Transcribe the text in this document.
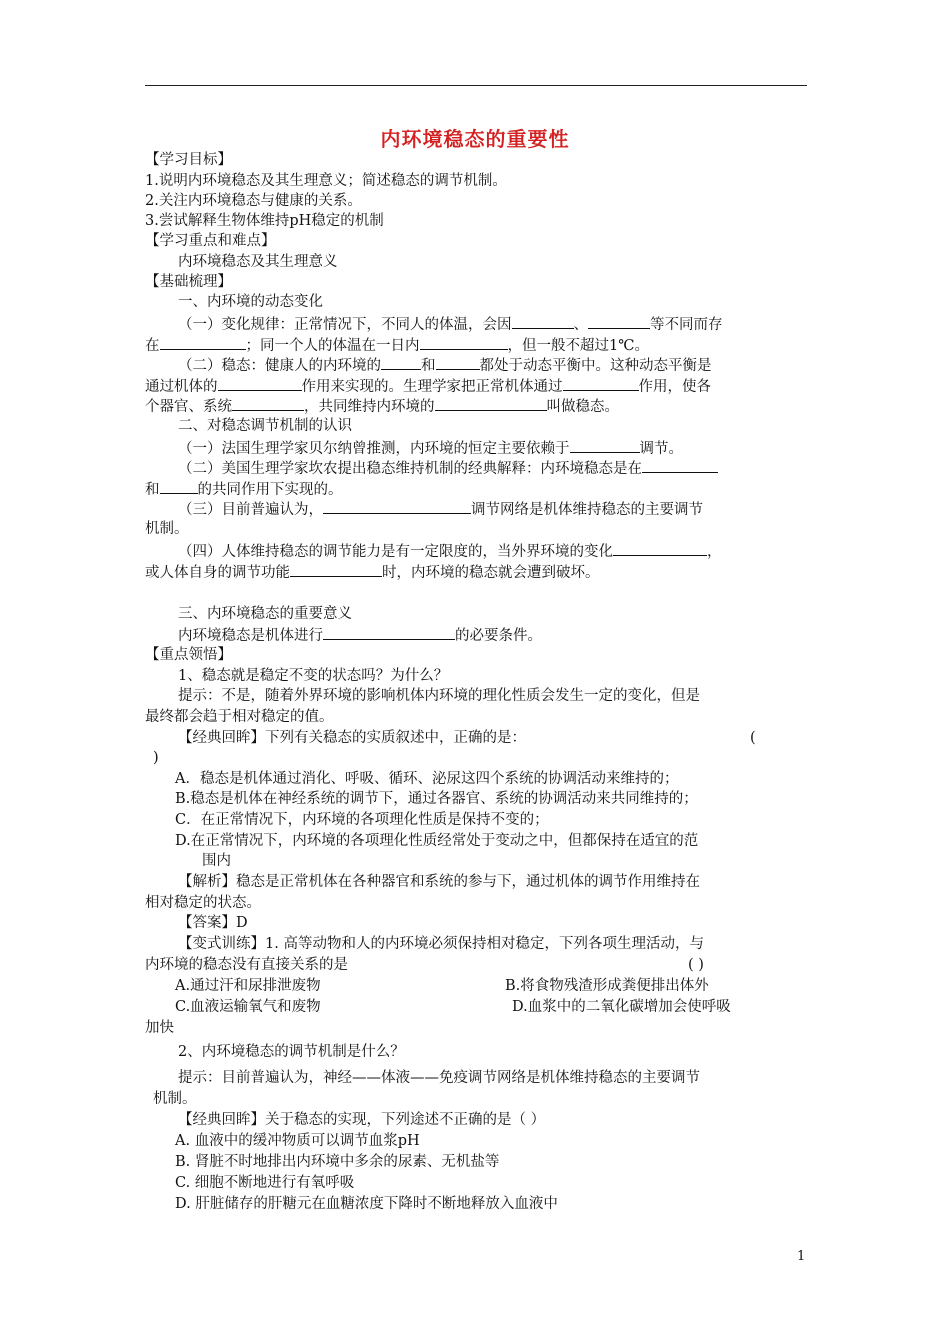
内环境稳态的重要性
【学习目标】
1.说明内环境稳态及其生理意义；简述稳态的调节机制。
2.关注内环境稳态与健康的关系。
3.尝试解释生物体维持pH稳定的机制
【学习重点和难点】
内环境稳态及其生理意义
【基础梳理】
一、内环境的动态变化
（一）变化规律：正常情况下，不同人的体温，会因	、	等不同而存
在	；同一个人的体温在一日内	，但一般不超过1℃。
（二）稳态：健康人的内环境的	和	都处于动态平衡中。这种动态平衡是
通过机体的	作用来实现的。生理学家把正常机体通过	作用，使各
个器官、系统	，共同维持内环境的	叫做稳态。
二、对稳态调节机制的认识
（一）法国生理学家贝尔纳曾推测，内环境的恒定主要依赖于	调节。
（二）美国生理学家坎农提出稳态维持机制的经典解释：内环境稳态是在
和	的共同作用下实现的。
（三）目前普遍认为，	调节网络是机体维持稳态的主要调节
机制。
（四）人体维持稳态的调节能力是有一定限度的，当外界环境的变化	，
或人体自身的调节功能	时，内环境的稳态就会遭到破坏。
三、内环境稳态的重要意义
内环境稳态是机体进行	的必要条件。
【重点领悟】
1、稳态就是稳定不变的状态吗？为什么？
提示：不是，随着外界环境的影响机体内环境的理化性质会发生一定的变化，但是
最终都会趋于相对稳定的值。
【经典回眸】下列有关稳态的实质叙述中，正确的是：	(
)
A．稳态是机体通过消化、呼吸、循环、泌尿这四个系统的协调活动来维持的；
B.稳态是机体在神经系统的调节下，通过各器官、系统的协调活动来共同维持的；
C．在正常情况下，内环境的各项理化性质是保持不变的；
D.在正常情况下，内环境的各项理化性质经常处于变动之中，但都保持在适宜的范
围内
【解析】稳态是正常机体在各种器官和系统的参与下，通过机体的调节作用维持在
相对稳定的状态。
【答案】D
【变式训练】1. 高等动物和人的内环境必须保持相对稳定，下列各项生理活动，与
内环境的稳态没有直接关系的是	( )
A.通过汗和尿排泄废物	B.将食物残渣形成粪便排出体外
C.血液运输氧气和废物	D.血浆中的二氧化碳增加会使呼吸
加快
2、内环境稳态的调节机制是什么？
提示：目前普遍认为，神经——体液——免疫调节网络是机体维持稳态的主要调节
机制。
【经典回眸】关于稳态的实现，下列途述不正确的是（ ）
A. 血液中的缓冲物质可以调节血浆pH
B. 肾脏不时地排出内环境中多余的尿素、无机盐等
C. 细胞不断地进行有氧呼吸
D. 肝脏储存的肝糖元在血糖浓度下降时不断地释放入血液中
1
